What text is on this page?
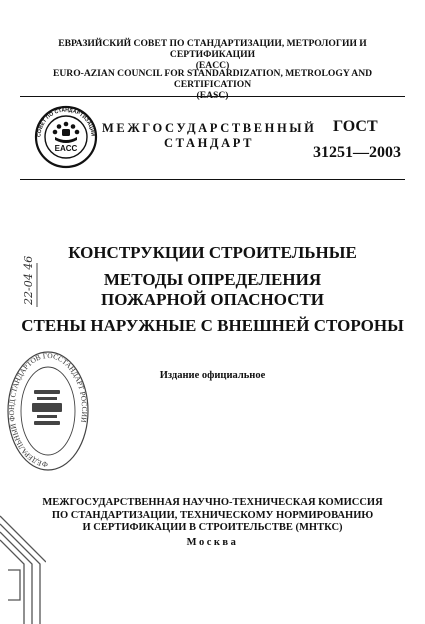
ЕВРАЗИЙСКИЙ СОВЕТ ПО СТАНДАРТИЗАЦИИ, МЕТРОЛОГИИ И СЕРТИФИКАЦИИ
(EACC)
EURO-AZIAN COUNCIL FOR STANDARDIZATION, METROLOGY AND CERTIFICATION
(EASC)
СОВЕТ ПО СТАНДАРТИЗАЦИИ
EACC
МЕЖГОСУДАРСТВЕННЫЙ
СТАНДАРТ
ГОСТ
31251—2003
22-04 46
КОНСТРУКЦИИ СТРОИТЕЛЬНЫЕ
МЕТОДЫ ОПРЕДЕЛЕНИЯ
ПОЖАРНОЙ ОПАСНОСТИ
СТЕНЫ НАРУЖНЫЕ С ВНЕШНЕЙ СТОРОНЫ
Издание официальное
ФЕДЕРАЛЬНЫЙ ФОНД СТАНДАРТОВ ГОССТАНДАРТ РОССИИ
МЕЖГОСУДАРСТВЕННАЯ НАУЧНО-ТЕХНИЧЕСКАЯ КОМИССИЯ
ПО СТАНДАРТИЗАЦИИ, ТЕХНИЧЕСКОМУ НОРМИРОВАНИЮ
И СЕРТИФИКАЦИИ В СТРОИТЕЛЬСТВЕ (МНТКС)
Москва
